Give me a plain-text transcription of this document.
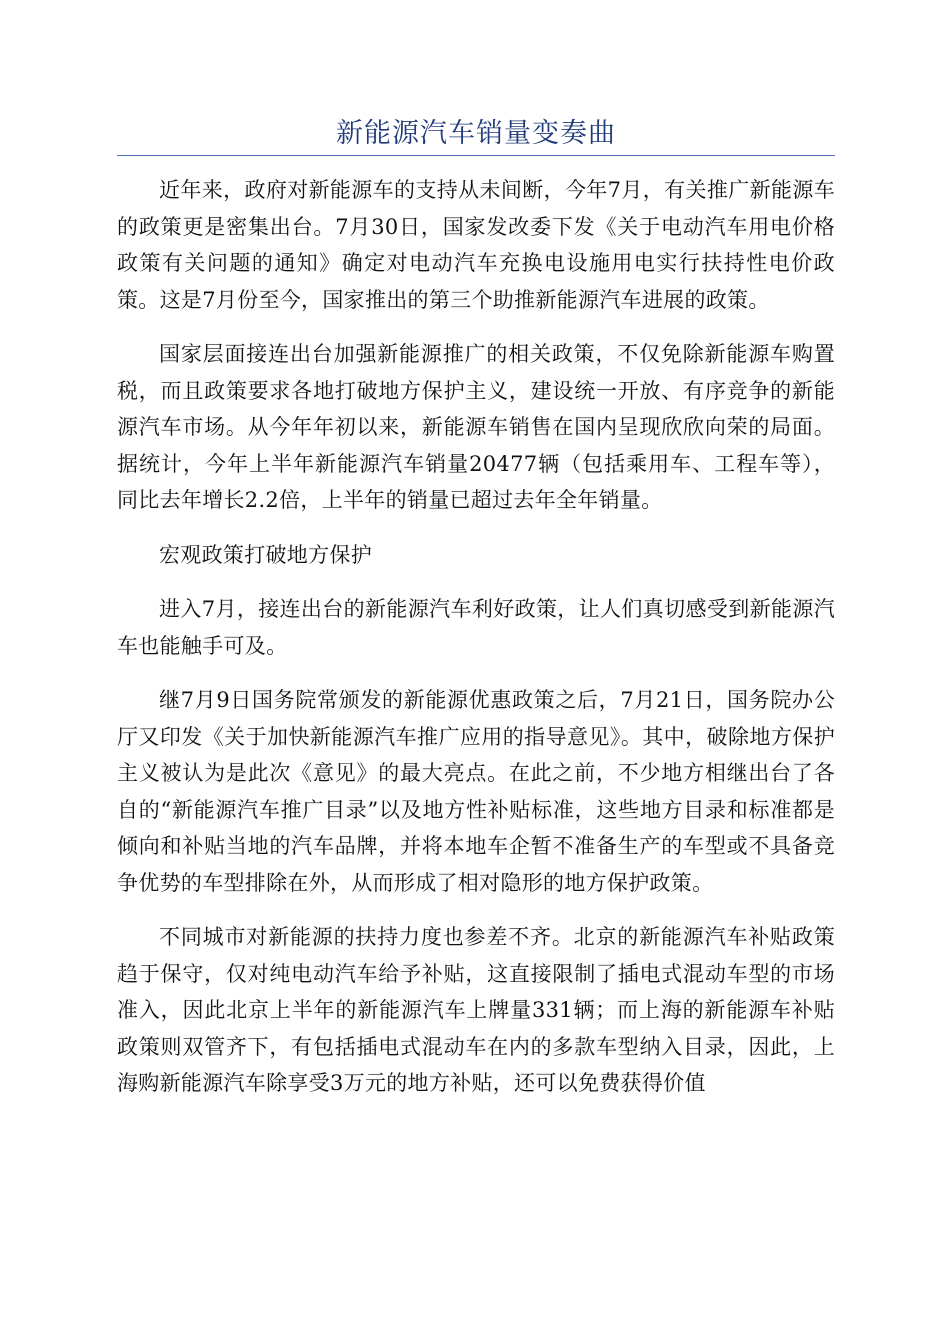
新能源汽车销量变奏曲

近年来，政府对新能源车的支持从未间断，今年7月，有关推广新能源车的政策更是密集出台。7月30日，国家发改委下发《关于电动汽车用电价格政策有关问题的通知》确定对电动汽车充换电设施用电实行扶持性电价政策。这是7月份至今，国家推出的第三个助推新能源汽车进展的政策。

国家层面接连出台加强新能源推广的相关政策，不仅免除新能源车购置税，而且政策要求各地打破地方保护主义，建设统一开放、有序竞争的新能源汽车市场。从今年年初以来，新能源车销售在国内呈现欣欣向荣的局面。据统计，今年上半年新能源汽车销量20477辆（包括乘用车、工程车等），同比去年增长2.2倍，上半年的销量已超过去年全年销量。

宏观政策打破地方保护

进入7月，接连出台的新能源汽车利好政策，让人们真切感受到新能源汽车也能触手可及。

继7月9日国务院常颁发的新能源优惠政策之后，7月21日，国务院办公厅又印发《关于加快新能源汽车推广应用的指导意见》。其中，破除地方保护主义被认为是此次《意见》的最大亮点。在此之前，不少地方相继出台了各自的“新能源汽车推广目录”以及地方性补贴标准，这些地方目录和标准都是倾向和补贴当地的汽车品牌，并将本地车企暂不准备生产的车型或不具备竞争优势的车型排除在外，从而形成了相对隐形的地方保护政策。

不同城市对新能源的扶持力度也参差不齐。北京的新能源汽车补贴政策趋于保守，仅对纯电动汽车给予补贴，这直接限制了插电式混动车型的市场准入，因此北京上半年的新能源汽车上牌量331辆；而上海的新能源车补贴政策则双管齐下，有包括插电式混动车在内的多款车型纳入目录，因此，上海购新能源汽车除享受3万元的地方补贴，还可以免费获得价值
